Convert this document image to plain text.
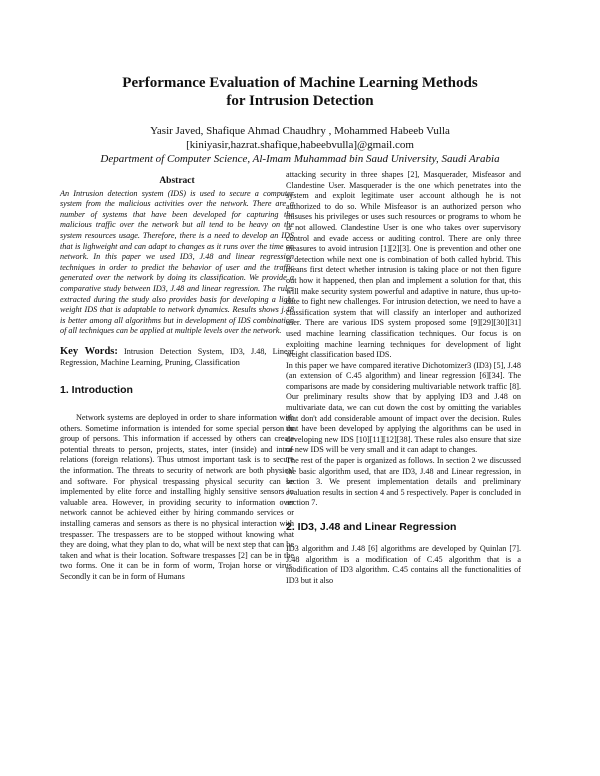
Performance Evaluation of Machine Learning Methods
for Intrusion Detection
Yasir Javed, Shafique Ahmad Chaudhry , Mohammed Habeeb Vulla
[kiniyasir,hazrat.shafique,habeebvulla]@gmail.com
Department of Computer Science, Al-Imam Muhammad bin Saud University, Saudi Arabia
Abstract

An Intrusion detection system (IDS) is used to secure a computer system from the malicious activities over the network. There are a number of systems that have been developed for capturing the malicious traffic over the network but all tend to be heavy on the system resources usage. Therefore, there is a need to develop an IDS that is lighweight and can adapt to changes as it runs over the time on network. In this paper we used ID3, J.48 and linear regression techniques in order to predict the behavior of user and the traffic generated over the network by doing its classification. We provide a comparative study between ID3, J.48 and linear regression. The rules extracted during the study also provides basis for developing a light weight IDS that is adaptable to network dynamics. Results shows j.48 is better among all algorithms but in development of IDS combination of all techniques can be applied at multiple levels over the network.

Key Words: Intrusion Detection System, ID3, J.48, Linear Regression, Machine Learning, Pruning, Classification

1. Introduction

Network systems are deployed in order to share information with others. Sometime information is intended for some special person or group of persons. This information if accessed by others can create potential threats to person, projects, states, inter (inside) and intra-relations (foreign relations). Thus utmost important task is to secure the information. The threats to security of network are both physical and software. For physical trespassing physical security can be implemented by elite force and installing highly sensitive sensors in valuable area. However, in providing security to information over network cannot be achieved either by hiring commando services or installing cameras and sensors as there is no physical interaction with trespasser. The trespassers are to be stopped without knowing what they are doing, what they plan to do, what will be next step that can be taken and what is their location. Software trespasses [2] can be in the two forms. One it can be in form of worm, Trojan horse or virus. Secondly it can be in form of Humans

attacking security in three shapes [2], Masquerader, Misfeasor and Clandestine User. Masquerader is the one which penetrates into the system and exploit legitimate user account although he is not authorized to do so. While Misfeasor is an authorized person who misuses his privileges or uses such resources or programs to whom he is not allowed. Clandestine User is one who takes over supervisory control and evade access or auditing control. There are only three measures to avoid intrusion [1][2][3]. One is prevention and other one is detection while next one is combination of both called hybrid. This means first detect whether intrusion is taking place or not then figure out how it happened, then plan and implement a solution for that, this will make security system powerful and adaptive in nature, thus up-to-date to fight new challenges. For intrusion detection, we need to have a classification system that will classify an interloper and authorized user. There are various IDS system proposed some [9][29][30][31] used machine learning classification techniques. Our focus is on exploiting machine learning techniques for development of light weight classification based IDS.

In this paper we have compared iterative Dichotomizer3 (ID3) [5], J.48 (an extension of C.45 algorithm) and linear regression [6][34]. The comparisons are made by considering multivariable network traffic [8]. Our preliminary results show that by applying ID3 and J.48 on multivariate data, we can cut down the cost by omitting the variables that don't add considerable amount of impact over the decision. Rules that have been developed by applying the algorithms can be used in developing new IDS [10][11][12][38]. These rules also ensure that size of new IDS will be very small and it can adapt to changes.

The rest of the paper is organized as follows. In section 2 we discussed the basic algorithm used, that are ID3, J.48 and Linear regression, in section 3. We present implementation details and preliminary evaluation results in section 4 and 5 respectively. Paper is concluded in section 7.

2. ID3, J.48 and Linear Regression

ID3 algorithm and J.48 [6] algorithms are developed by Quinlan [7]. J.48 algorithm is a modification of C.45 algorithm that is a modification of ID3 algorithm. C.45 contains all the functionalities of ID3 but it also
